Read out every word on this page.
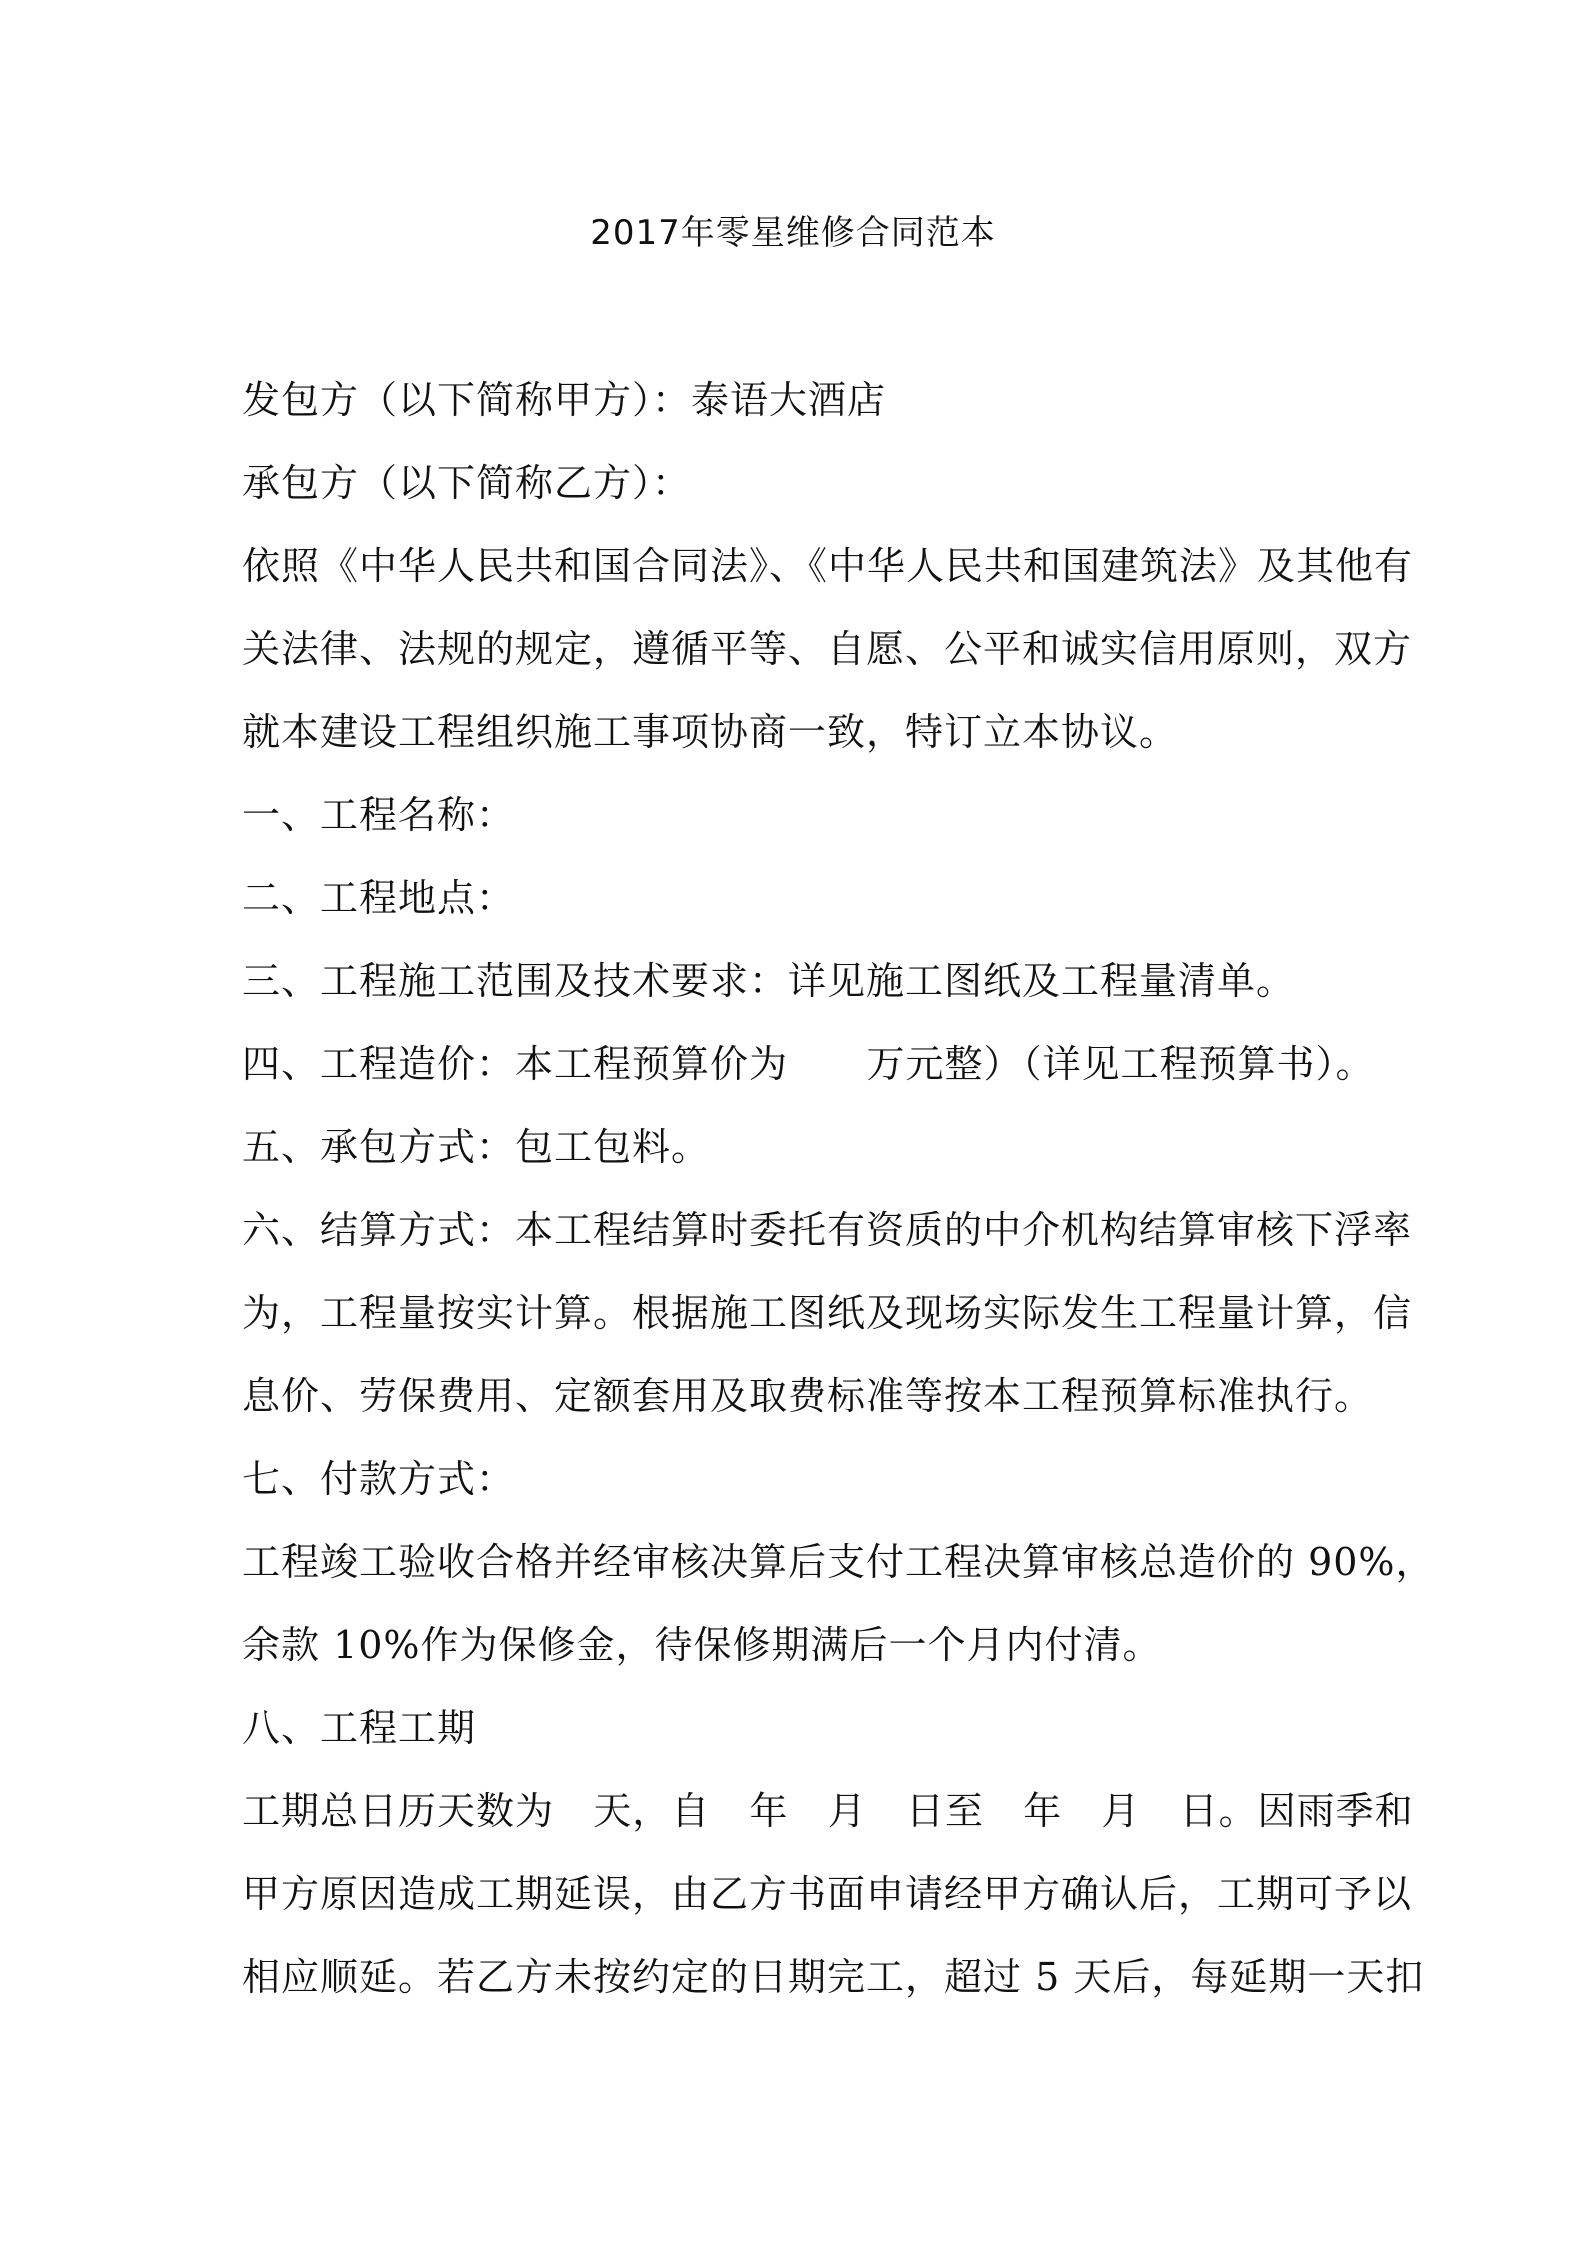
2017年零星维修合同范本
发包方（以下简称甲方）：泰语大酒店
承包方（以下简称乙方）：
依照《中华人民共和国合同法》、《中华人民共和国建筑法》及其他有
关法律、法规的规定，遵循平等、自愿、公平和诚实信用原则，双方
就本建设工程组织施工事项协商一致，特订立本协议。
一、工程名称：
二、工程地点：
三、工程施工范围及技术要求：详见施工图纸及工程量清单。
四、工程造价：本工程预算价为      万元整）（详见工程预算书）。
五、承包方式：包工包料。
六、结算方式：本工程结算时委托有资质的中介机构结算审核下浮率
为，工程量按实计算。根据施工图纸及现场实际发生工程量计算，信
息价、劳保费用、定额套用及取费标准等按本工程预算标准执行。
七、付款方式：
工程竣工验收合格并经审核决算后支付工程决算审核总造价的 90%，
余款 10%作为保修金，待保修期满后一个月内付清。
八、工程工期
工期总日历天数为   天，自   年   月   日至   年   月   日。因雨季和
甲方原因造成工期延误，由乙方书面申请经甲方确认后，工期可予以
相应顺延。若乙方未按约定的日期完工，超过 5 天后，每延期一天扣
